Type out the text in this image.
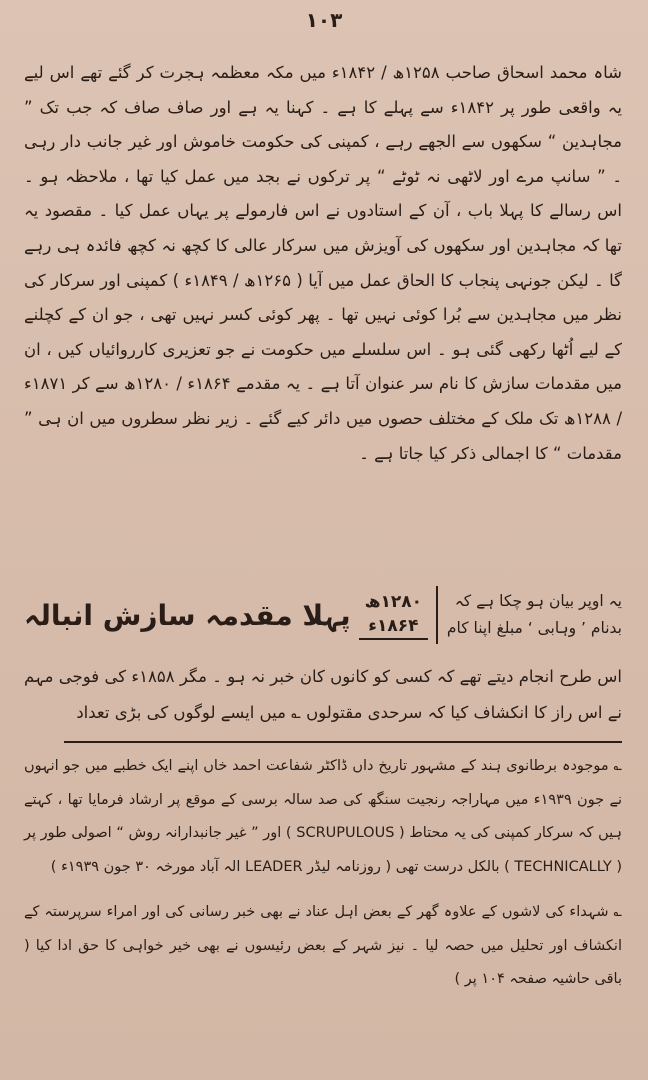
۱۰۳

شاہ محمد اسحاق صاحب ۱۲۵۸ھ / ۱۸۴۲ء میں مکہ معظمہ ہجرت کر گئے تھے اس لیے یہ واقعی طور پر ۱۸۴۲ء سے پہلے کا ہے ۔ کہنا یہ ہے اور صاف صاف کہ جب تک ” مجاہدین “ سکھوں سے الجھے رہے ، کمپنی کی حکومت خاموش اور غیر جانب دار رہی ۔ ” سانپ مرے اور لاٹھی نہ ٹوٹے “ پر ترکوں نے بجد میں عمل کیا تھا ، ملاحظہ ہو ۔ اس رسالے کا پہلا باب ، آن کے استادوں نے اس فارمولے پر یہاں عمل کیا ۔ مقصود یہ تھا کہ مجاہدین اور سکھوں کی آویزش میں سرکار عالی کا کچھ نہ کچھ فائدہ ہی رہے گا ۔ لیکن جونہی پنجاب کا الحاق عمل میں آیا ( ۱۲۶۵ھ / ۱۸۴۹ء ) کمپنی اور سرکار کی نظر میں مجاہدین سے بُرا کوئی نہیں تھا ۔ پھر کوئی کسر نہیں تھی ، جو ان کے کچلنے کے لیے اُٹھا رکھی گئی ہو ۔ اس سلسلے میں حکومت نے جو تعزیری کارروائیاں کیں ، ان میں مقدمات سازش کا نام سر عنوان آتا ہے ۔ یہ مقدمے ۱۸۶۴ء / ۱۲۸۰ھ سے کر ۱۸۷۱ء / ۱۲۸۸ھ تک ملک کے مختلف حصوں میں دائر کیے گئے ۔ زیر نظر سطروں میں ان ہی ” مقدمات “ کا اجمالی ذکر کیا جاتا ہے ۔

پہلا مقدمہ سازش انبالہ ۱۲۸۰ھ
۱۸۶۴ء
یہ اوپر بیان ہو چکا ہے کہ بدنام ’ وہابی ‘ مبلغ اپنا کام
اس طرح انجام دیتے تھے کہ کسی کو کانوں کان خبر نہ ہو ۔ مگر ۱۸۵۸ء کی فوجی مہم نے اس راز کا انکشاف کیا کہ سرحدی مقتولوں ؎ میں ایسے لوگوں کی بڑی تعداد

؎ موجودہ برطانوی ہند کے مشہور تاریخ داں ڈاکٹر شفاعت احمد خاں اپنے ایک خطبے میں جو انہوں نے جون ۱۹۳۹ء میں مہاراجہ رنجیت سنگھ کی صد سالہ برسی کے موقع پر ارشاد فرمایا تھا ، کہتے ہیں کہ سرکار کمپنی کی یہ محتاط ( SCRUPULOUS ) اور ” غیر جانبدارانہ روش “ اصولی طور پر ( TECHNICALLY ) بالکل درست تھی ( روزنامہ لیڈر LEADER الہ آباد مورخہ ۳۰ جون ۱۹۳۹ء )

؎ شہداء کی لاشوں کے علاوہ گھر کے بعض اہل عناد نے بھی خبر رسانی کی اور امراء سرپرستہ کے انکشاف اور تحلیل میں حصہ لیا ۔ نیز شہر کے بعض رئیسوں نے بھی خیر خواہی کا حق ادا کیا ( باقی حاشیہ صفحہ ۱۰۴ پر )
